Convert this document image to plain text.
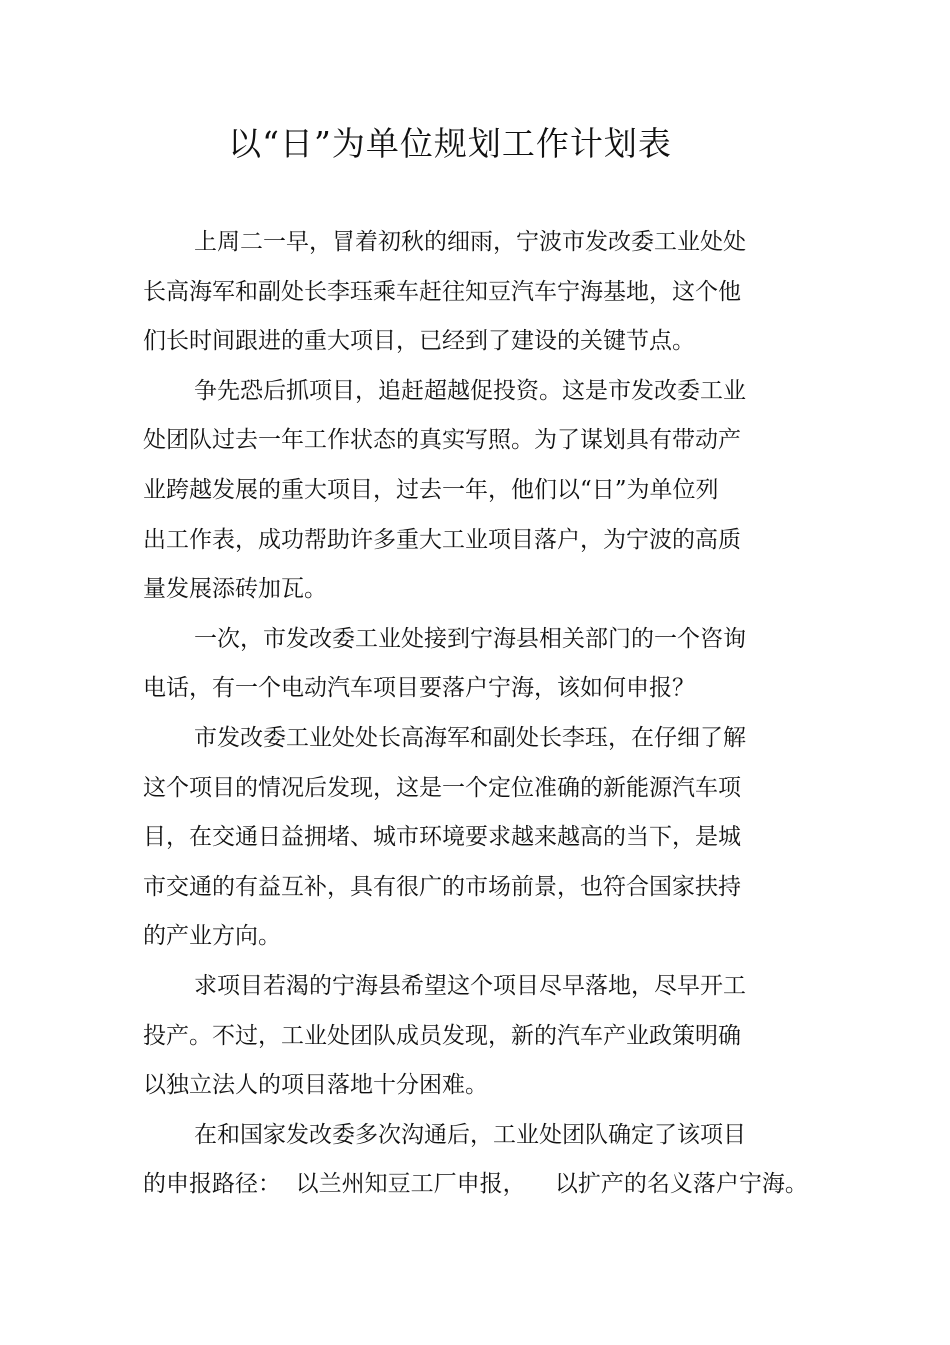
以“日”为单位规划工作计划表
上周二一早，冒着初秋的细雨，宁波市发改委工业处处
长高海军和副处长李珏乘车赶往知豆汽车宁海基地，这个他
们长时间跟进的重大项目，已经到了建设的关键节点。
争先恐后抓项目，追赶超越促投资。这是市发改委工业
处团队过去一年工作状态的真实写照。为了谋划具有带动产
业跨越发展的重大项目，过去一年，他们以“日”为单位列
出工作表，成功帮助许多重大工业项目落户，为宁波的高质
量发展添砖加瓦。
一次，市发改委工业处接到宁海县相关部门的一个咨询
电话，有一个电动汽车项目要落户宁海，该如何申报？
市发改委工业处处长高海军和副处长李珏，在仔细了解
这个项目的情况后发现，这是一个定位准确的新能源汽车项
目，在交通日益拥堵、城市环境要求越来越高的当下，是城
市交通的有益互补，具有很广的市场前景，也符合国家扶持
的产业方向。
求项目若渴的宁海县希望这个项目尽早落地，尽早开工
投产。不过，工业处团队成员发现，新的汽车产业政策明确
以独立法人的项目落地十分困难。
在和国家发改委多次沟通后，工业处团队确定了该项目
的申报路径：  以兰州知豆工厂申报，    以扩产的名义落户宁海。
